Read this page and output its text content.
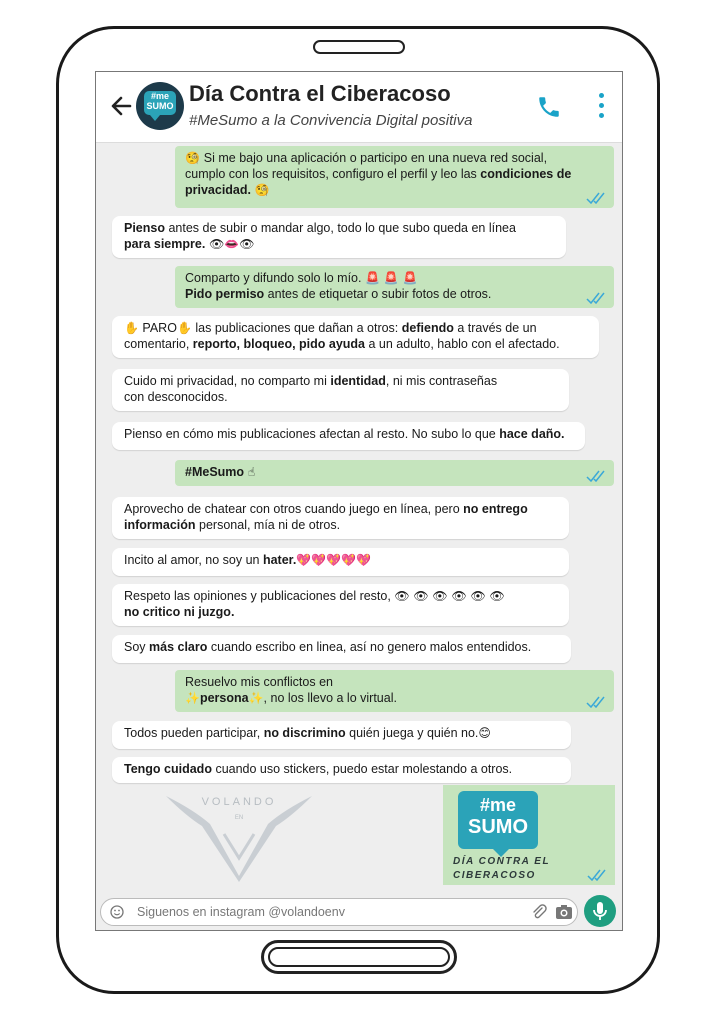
#me
SUMO Día Contra el Ciberacoso
#MeSumo a la Convivencia Digital positiva
🧐 Si me bajo una aplicación o participo en una nueva red social,
cumplo con los requisitos, configuro el perfil y leo las condiciones de
privacidad. 🧐
Pienso antes de subir o mandar algo, todo lo que subo queda en línea
para siempre. 👁👄👁
Comparto y difundo solo lo mío. 🚨 🚨 🚨
Pido permiso antes de etiquetar o subir fotos de otros.
✋ PARO✋ las publicaciones que dañan a otros: defiendo a través de un
comentario, reporto, bloqueo, pido ayuda a un adulto, hablo con el afectado.
Cuido mi privacidad, no comparto mi identidad, ni mis contraseñas
con desconocidos.
Pienso en cómo mis publicaciones afectan al resto. No subo lo que hace daño.
#MeSumo ☝
Aprovecho de chatear con otros cuando juego en línea, pero no entrego
información personal, mía ni de otros.
Incito al amor, no soy un hater.💖💖💖💖💖
Respeto las opiniones y publicaciones del resto, 👁 👁 👁 👁 👁 👁
no critico ni juzgo.
Soy más claro cuando escribo en linea, así no genero malos entendidos.
Resuelvo mis conflictos en
✨persona✨, no los llevo a lo virtual.
Todos pueden participar, no discrimino quién juega y quién no.😊
Tengo cuidado cuando uso stickers, puedo estar molestando a otros.
VOLANDO
EN
#me
SUMO
DÍA CONTRA EL
CIBERACOSO
Siguenos en instagram @volandoenv
